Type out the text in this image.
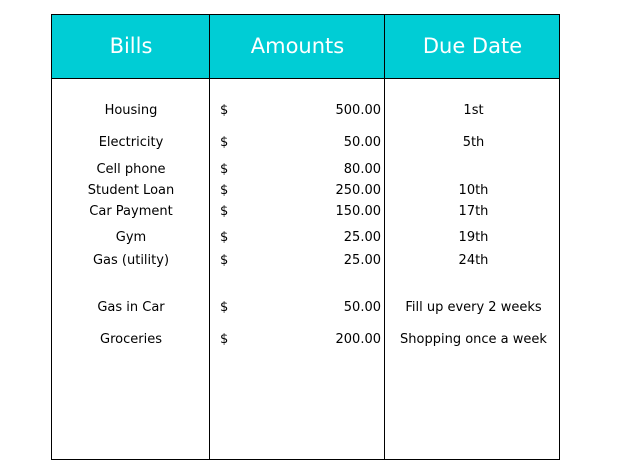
Bills	Amounts	Due Date
Housing	$	500.00	1st
Electricity	$	50.00	5th
Cell phone	$	80.00
Student Loan	$	250.00	10th
Car Payment	$	150.00	17th
Gym	$	25.00	19th
Gas (utility)	$	25.00	24th
Gas in Car	$	50.00	Fill up every 2 weeks
Groceries	$	200.00	Shopping once a week
